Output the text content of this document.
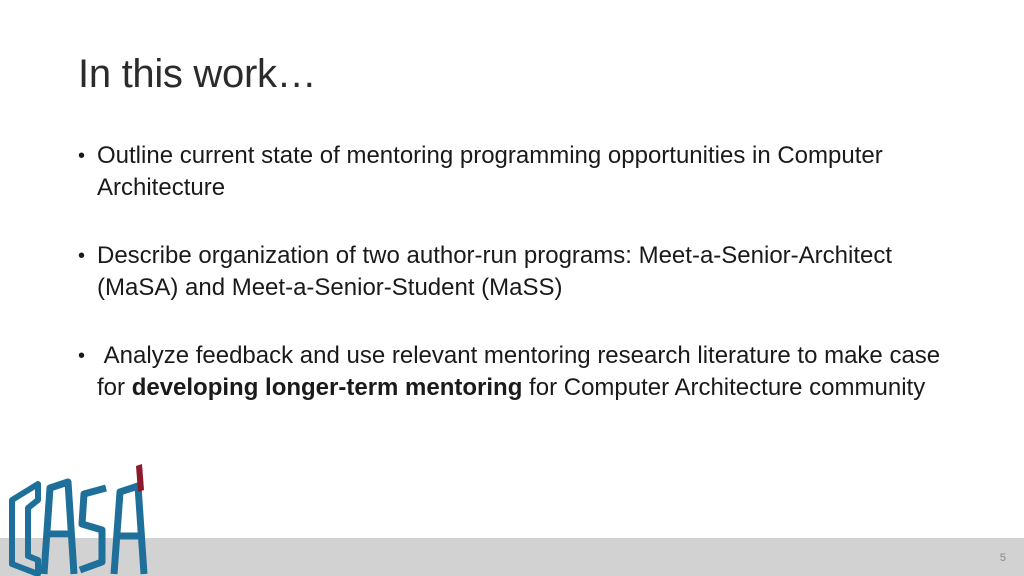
In this work…
• Outline current state of mentoring programming opportunities in Computer Architecture
• Describe organization of two author-run programs: Meet-a-Senior-Architect (MaSA) and Meet-a-Senior-Student (MaSS)
• Analyze feedback and use relevant mentoring research literature to make case for developing longer-term mentoring for Computer Architecture community
5
